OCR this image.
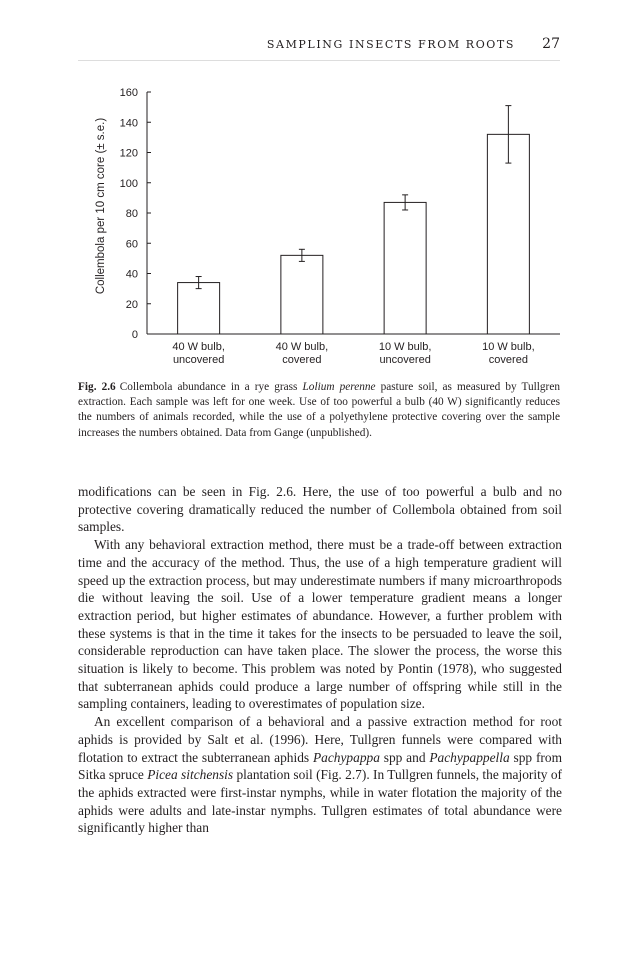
SAMPLING INSECTS FROM ROOTS 27
Collembola per 10 cm core (± s.e.)
0
20
40
60
80
100
120
140
160
40 W bulb,
uncovered
40 W bulb,
covered
10 W bulb,
uncovered
10 W bulb,
covered
Fig. 2.6 Collembola abundance in a rye grass Lolium perenne pasture soil, as measured by Tullgren extraction. Each sample was left for one week. Use of too powerful a bulb (40 W) significantly reduces the numbers of animals recorded, while the use of a polyethylene protective covering over the sample increases the numbers obtained. Data from Gange (unpublished).

modifications can be seen in Fig. 2.6. Here, the use of too powerful a bulb and no protective covering dramatically reduced the number of Collembola obtained from soil samples.

With any behavioral extraction method, there must be a trade-off between extraction time and the accuracy of the method. Thus, the use of a high temperature gradient will speed up the extraction process, but may underestimate numbers if many microarthropods die without leaving the soil. Use of a lower temperature gradient means a longer extraction period, but higher estimates of abundance. However, a further problem with these systems is that in the time it takes for the insects to be persuaded to leave the soil, considerable reproduction can have taken place. The slower the process, the worse this situation is likely to become. This problem was noted by Pontin (1978), who suggested that subterranean aphids could produce a large number of offspring while still in the sampling containers, leading to overestimates of population size.

An excellent comparison of a behavioral and a passive extraction method for root aphids is provided by Salt et al. (1996). Here, Tullgren funnels were compared with flotation to extract the subterranean aphids Pachypappa spp and Pachypappella spp from Sitka spruce Picea sitchensis plantation soil (Fig. 2.7). In Tullgren funnels, the majority of the aphids extracted were first-instar nymphs, while in water flotation the majority of the aphids were adults and late-instar nymphs. Tullgren estimates of total abundance were significantly higher than
